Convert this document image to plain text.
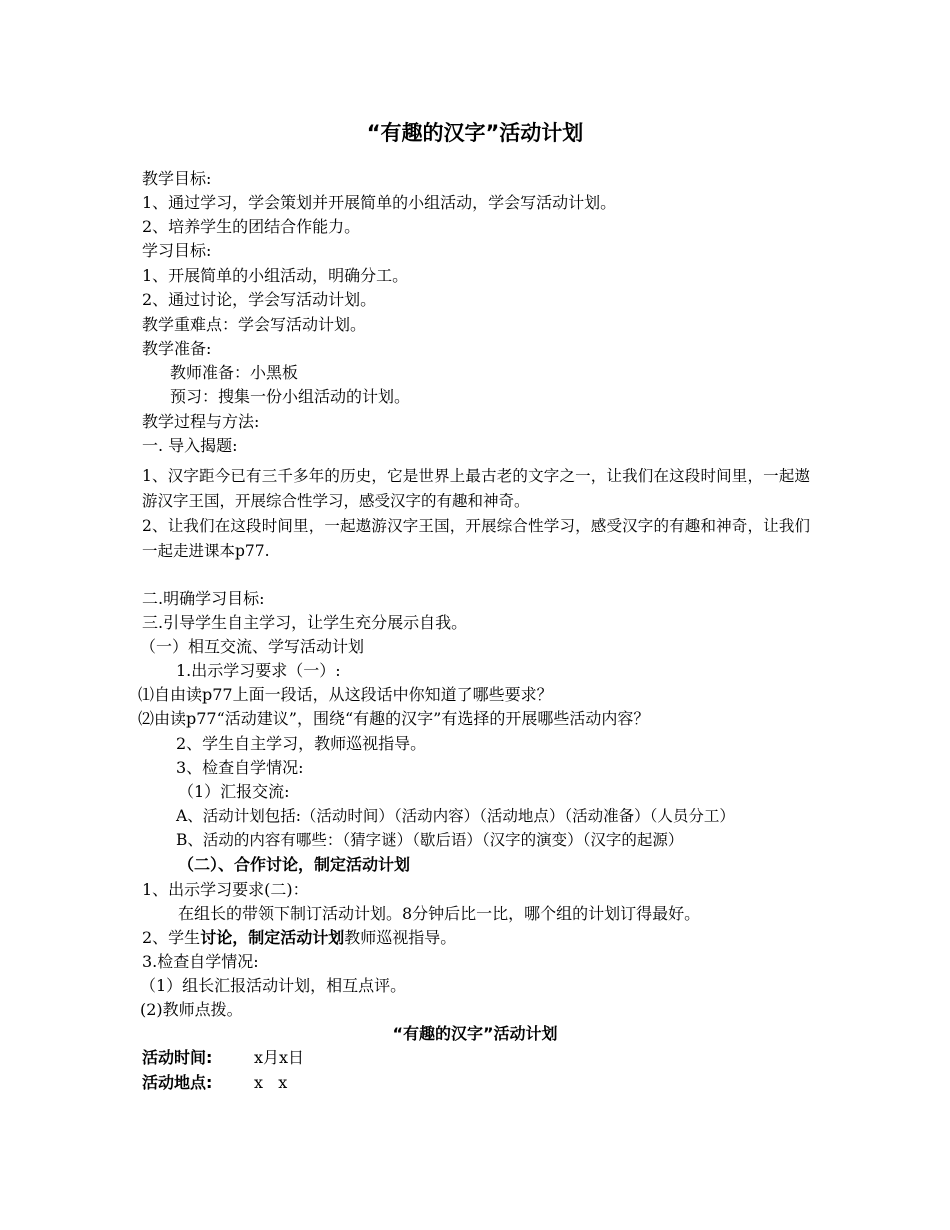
“有趣的汉字”活动计划
教学目标:
1、通过学习，学会策划并开展简单的小组活动，学会写活动计划。
2、培养学生的团结合作能力。
学习目标:
1、开展简单的小组活动，明确分工。
2、通过讨论，学会写活动计划。
教学重难点：学会写活动计划。
教学准备:
教师准备：小黑板
预习：搜集一份小组活动的计划。
教学过程与方法:
一. 导入揭题:
1、汉字距今已有三千多年的历史，它是世界上最古老的文字之一，让我们在这段时间里，一起遨游汉字王国，开展综合性学习，感受汉字的有趣和神奇。
2、让我们在这段时间里，一起遨游汉字王国，开展综合性学习，感受汉字的有趣和神奇，让我们一起走进课本p77.
二.明确学习目标:
三.引导学生自主学习，让学生充分展示自我。
（一）相互交流、学写活动计划
1.出示学习要求（一）:
⑴自由读p77上面一段话，从这段话中你知道了哪些要求？
⑵由读p77“活动建议”，围绕“有趣的汉字”有选择的开展哪些活动内容？
2、学生自主学习，教师巡视指导。
3、检查自学情况:
（1）汇报交流:
A、活动计划包括:（活动时间）（活动内容）（活动地点）（活动准备）（人员分工）
B、活动的内容有哪些：（猜字谜）（歇后语）（汉字的演变）（汉字的起源）
（二）、合作讨论，制定活动计划
1、出示学习要求(二)：
在组长的带领下制订活动计划。8分钟后比一比，哪个组的计划订得最好。
2、学生讨论，制定活动计划教师巡视指导。
3.检查自学情况:
（1）组长汇报活动计划，相互点评。
(2)教师点拨。
“有趣的汉字”活动计划
活动时间:	x月x日
活动地点:	x   x
